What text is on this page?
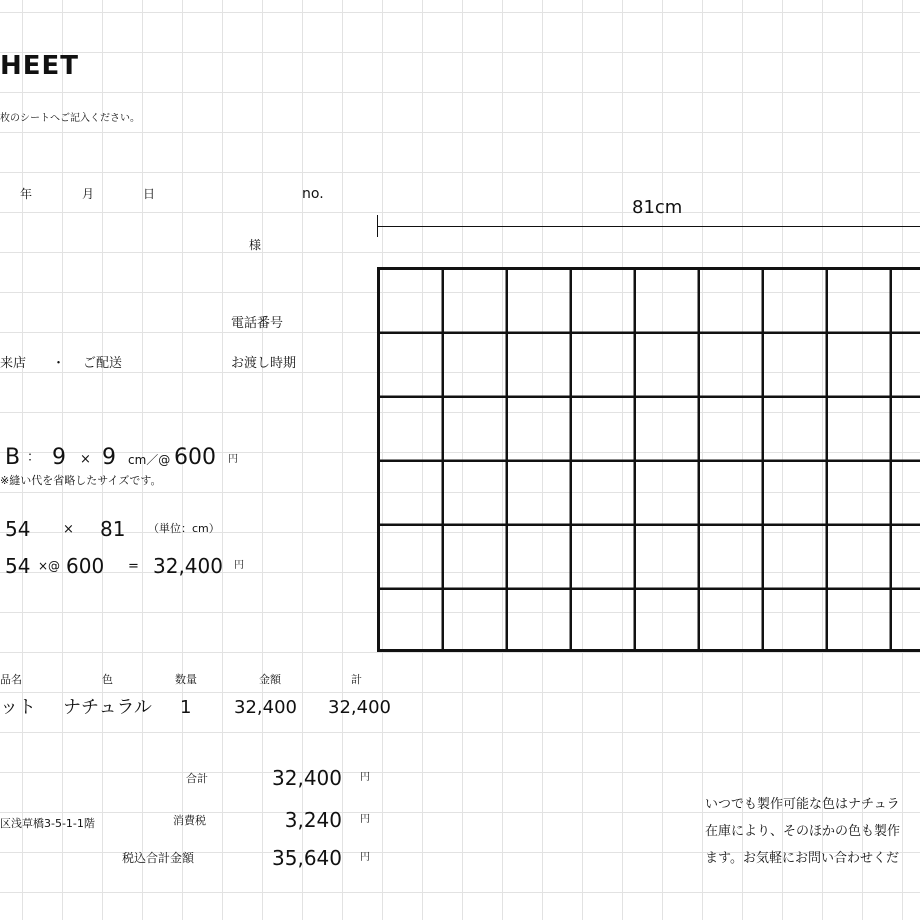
HEET
枚のシートへご記入ください。
年	月	日	no.
様
電話番号
来店 ・ ご配送	お渡し時期
B ： 9 × 9 cm／@ 600 円
※縫い代を省略したサイズです。
54	× 81 （単位：cm）
54 ×@ 600 = 32,400 円
81cm
品名	色	数量	金額	計
ット ナチュラル 1 32,400 32,400
合計	32,400 円
区浅草橋3-5-1-1階	消費税	3,240 円
税込合計金額	35,640 円
いつでも製作可能な色はナチュラ
在庫により、そのほかの色も製作
ます。お気軽にお問い合わせくだ
